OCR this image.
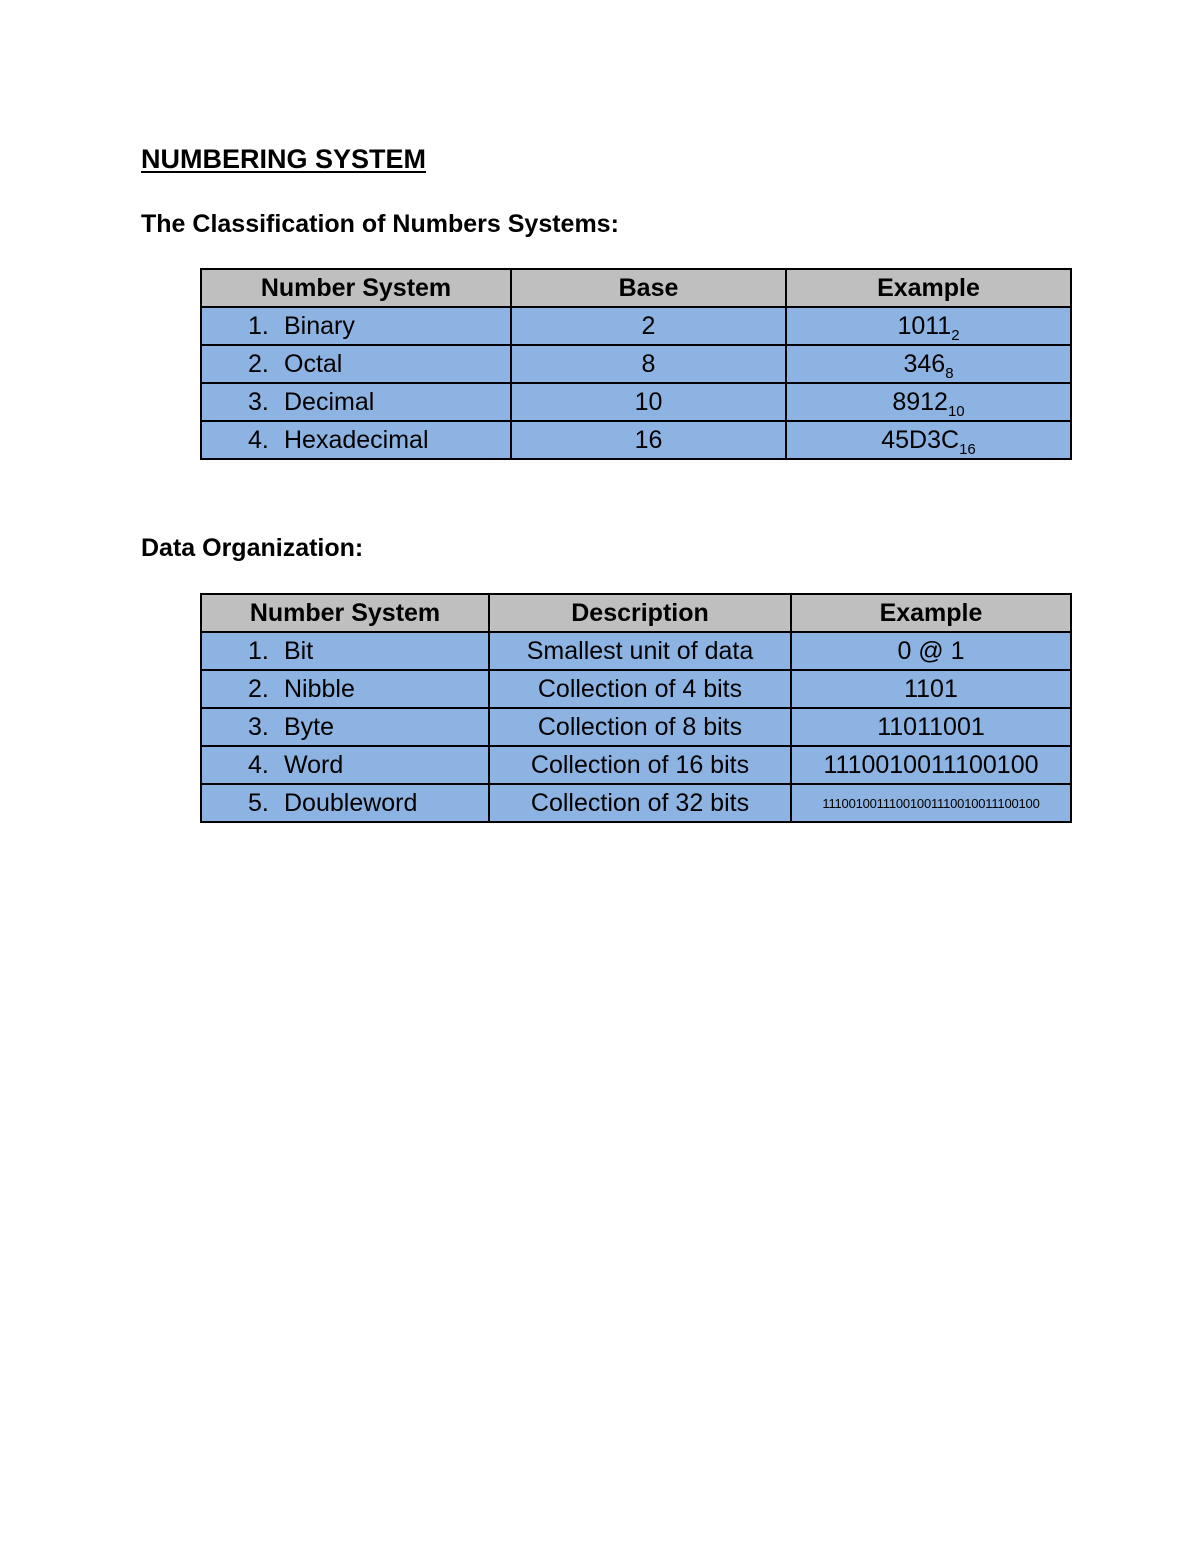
NUMBERING SYSTEM
The Classification of Numbers Systems:
Number System	Base	Example
1. Binary	2	$1011_2$
2. Octal	8	$346_8$
3. Decimal	10	$8912_{10}$
4. Hexadecimal	16	$45D3C_{16}$
Data Organization:
Number System	Description	Example
1. Bit	Smallest unit of data	0 @ 1
2. Nibble	Collection of 4 bits	1101
3. Byte	Collection of 8 bits	11011001
4. Word	Collection of 16 bits	1110010011100100
5. Doubleword	Collection of 32 bits	11100100111001001110010011100100
